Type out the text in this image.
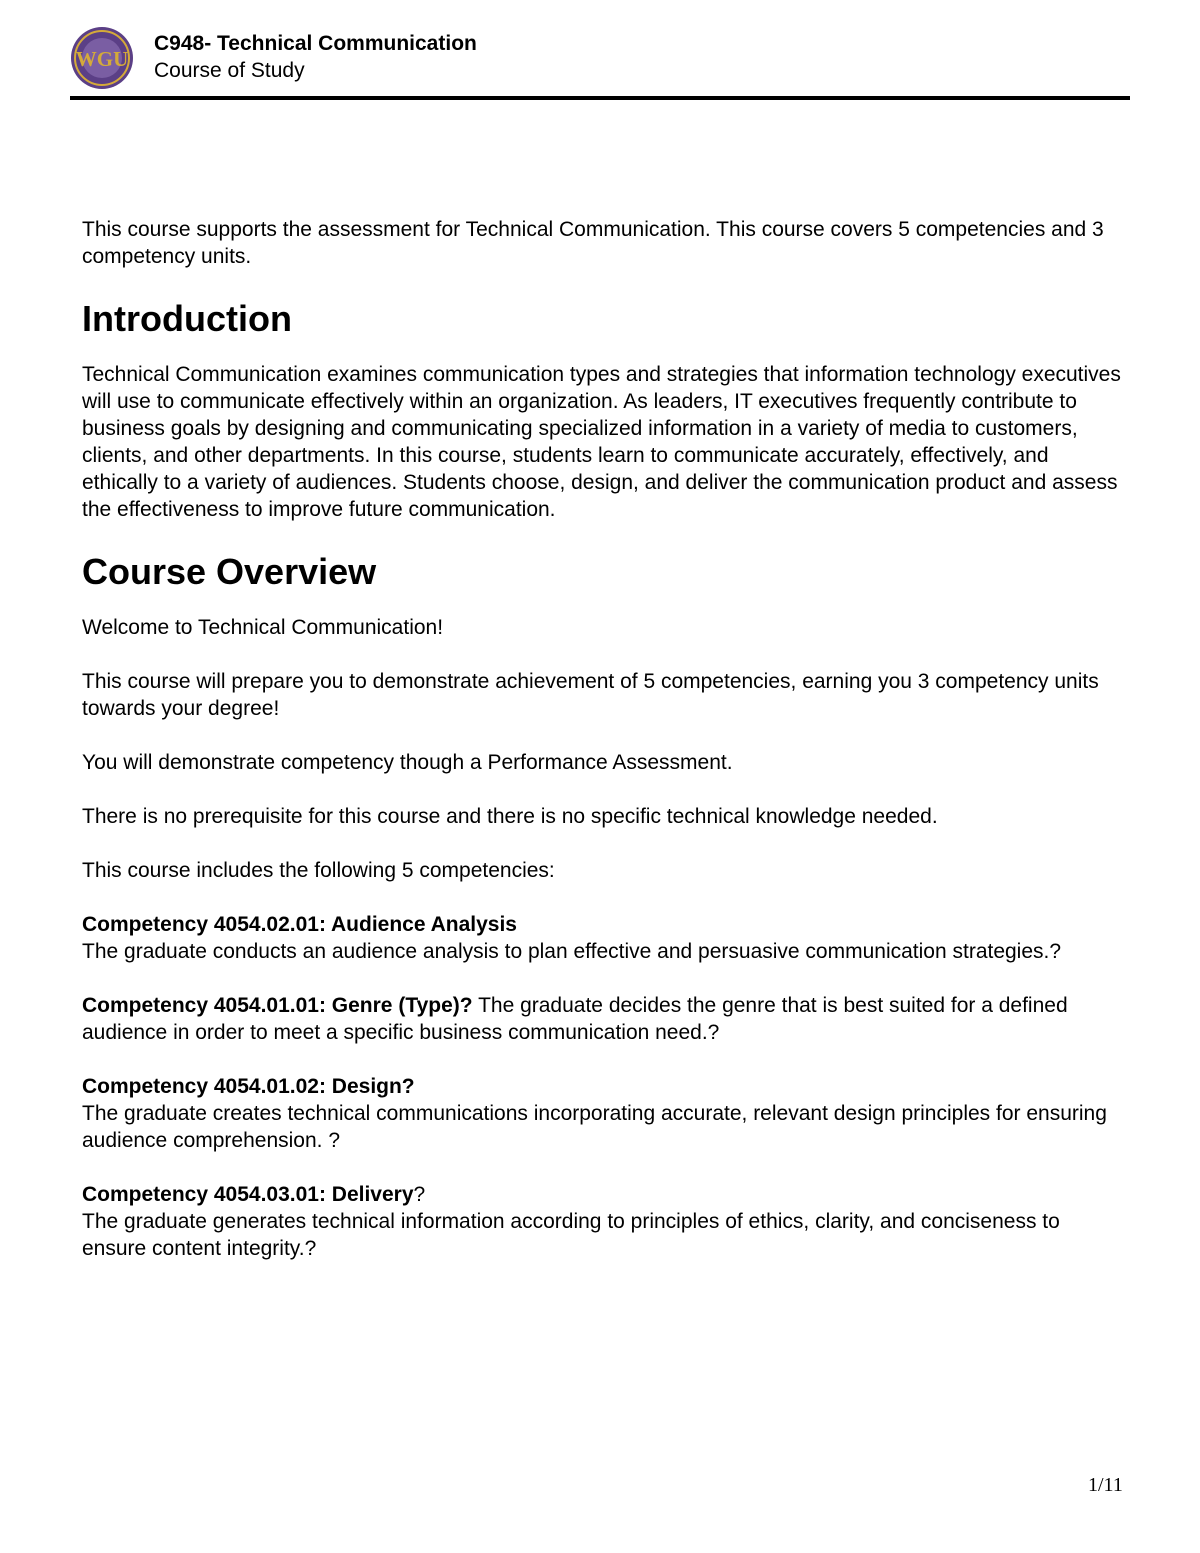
WGU
C948- Technical Communication
Course of Study

This course supports the assessment for Technical Communication. This course covers 5 competencies and 3 competency units.

Introduction

Technical Communication examines communication types and strategies that information technology executives will use to communicate effectively within an organization. As leaders, IT executives frequently contribute to business goals by designing and communicating specialized information in a variety of media to customers, clients, and other departments. In this course, students learn to communicate accurately, effectively, and ethically to a variety of audiences. Students choose, design, and deliver the communication product and assess the effectiveness to improve future communication.

Course Overview

Welcome to Technical Communication!

This course will prepare you to demonstrate achievement of 5 competencies, earning you 3 competency units towards your degree!

You will demonstrate competency though a Performance Assessment.

There is no prerequisite for this course and there is no specific technical knowledge needed.

This course includes the following 5 competencies:

Competency 4054.02.01: Audience Analysis
The graduate conducts an audience analysis to plan effective and persuasive communication strategies.?
Competency 4054.01.01: Genre (Type)? The graduate decides the genre that is best suited for a defined audience in order to meet a specific business communication need.?
Competency 4054.01.02: Design?
The graduate creates technical communications incorporating accurate, relevant design principles for ensuring audience comprehension. ?
Competency 4054.03.01: Delivery?
The graduate generates technical information according to principles of ethics, clarity, and conciseness to ensure content integrity.?
1/11
